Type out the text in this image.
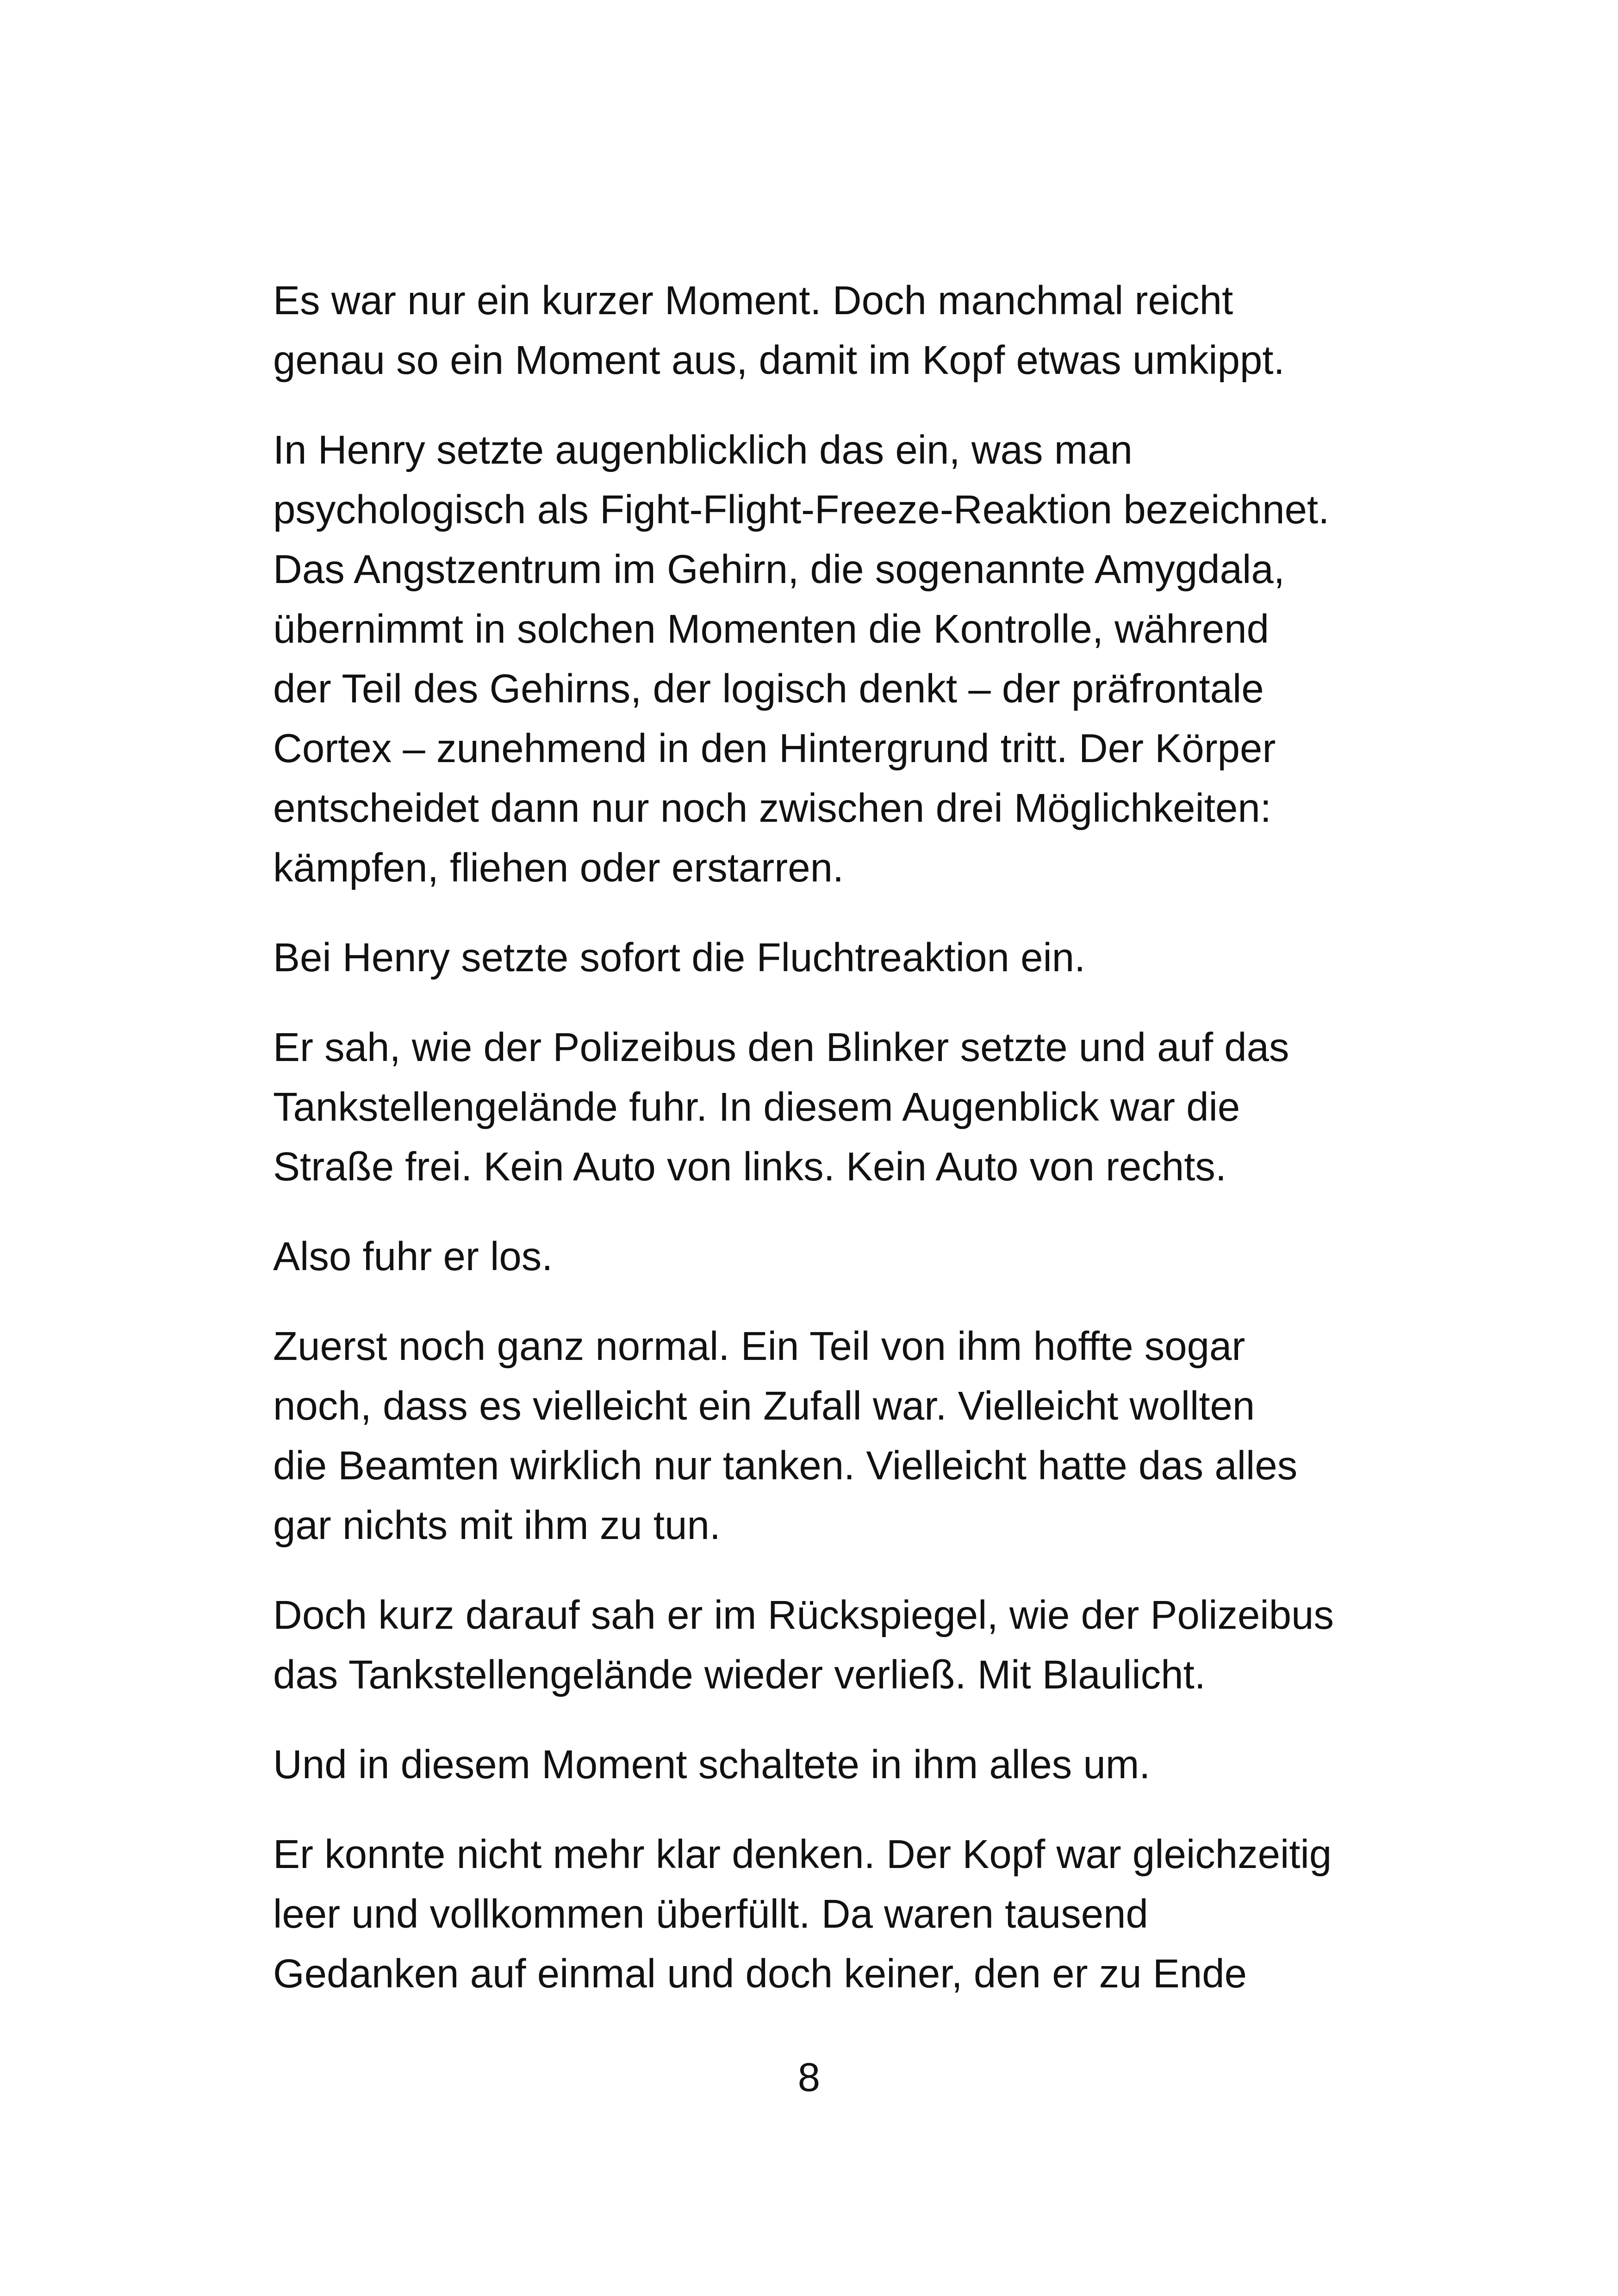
Es war nur ein kurzer Moment. Doch manchmal reicht
genau so ein Moment aus, damit im Kopf etwas umkippt.

In Henry setzte augenblicklich das ein, was man
psychologisch als Fight-Flight-Freeze-Reaktion bezeichnet.
Das Angstzentrum im Gehirn, die sogenannte Amygdala,
übernimmt in solchen Momenten die Kontrolle, während
der Teil des Gehirns, der logisch denkt – der präfrontale
Cortex – zunehmend in den Hintergrund tritt. Der Körper
entscheidet dann nur noch zwischen drei Möglichkeiten:
kämpfen, fliehen oder erstarren.

Bei Henry setzte sofort die Fluchtreaktion ein.

Er sah, wie der Polizeibus den Blinker setzte und auf das
Tankstellengelände fuhr. In diesem Augenblick war die
Straße frei. Kein Auto von links. Kein Auto von rechts.

Also fuhr er los.

Zuerst noch ganz normal. Ein Teil von ihm hoffte sogar
noch, dass es vielleicht ein Zufall war. Vielleicht wollten
die Beamten wirklich nur tanken. Vielleicht hatte das alles
gar nichts mit ihm zu tun.

Doch kurz darauf sah er im Rückspiegel, wie der Polizeibus
das Tankstellengelände wieder verließ. Mit Blaulicht.

Und in diesem Moment schaltete in ihm alles um.

Er konnte nicht mehr klar denken. Der Kopf war gleichzeitig
leer und vollkommen überfüllt. Da waren tausend
Gedanken auf einmal und doch keiner, den er zu Ende

8
